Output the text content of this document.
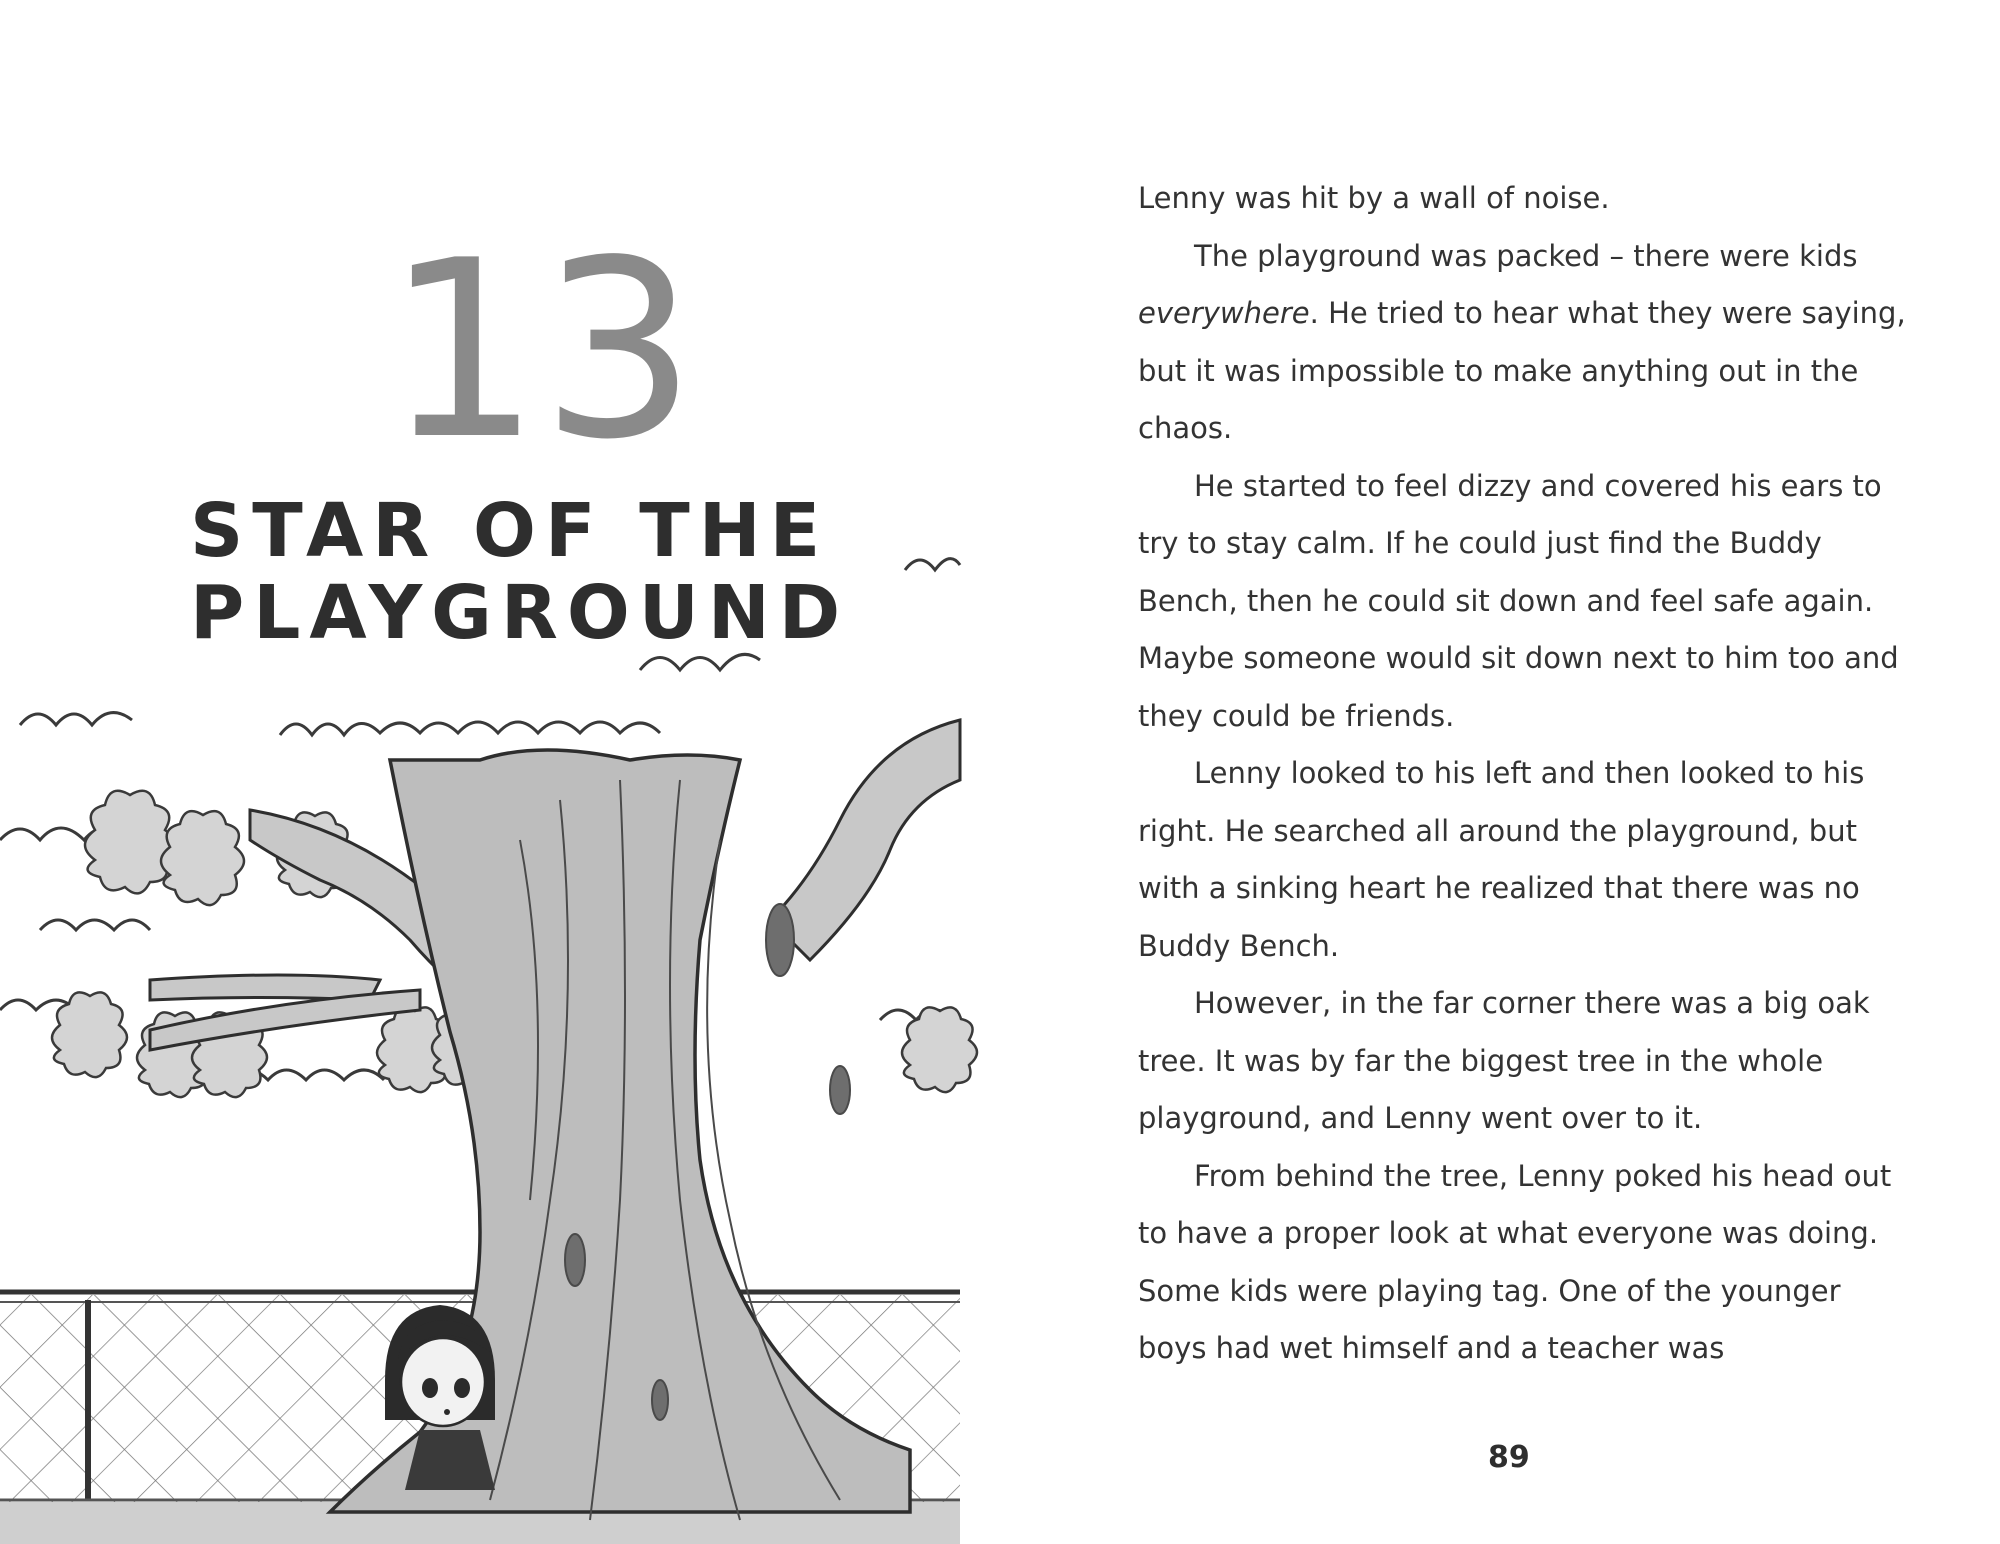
13
STAR OF THE
PLAYGROUND

Lenny was hit by a wall of noise.

The playground was packed – there were kids everywhere. He tried to hear what they were saying, but it was impossible to make anything out in the chaos.

He started to feel dizzy and covered his ears to try to stay calm. If he could just find the Buddy Bench, then he could sit down and feel safe again. Maybe someone would sit down next to him too and they could be friends.

Lenny looked to his left and then looked to his right. He searched all around the playground, but with a sinking heart he realized that there was no Buddy Bench.

However, in the far corner there was a big oak tree. It was by far the biggest tree in the whole playground, and Lenny went over to it.

From behind the tree, Lenny poked his head out to have a proper look at what everyone was doing. Some kids were playing tag. One of the younger boys had wet himself and a teacher was

89
